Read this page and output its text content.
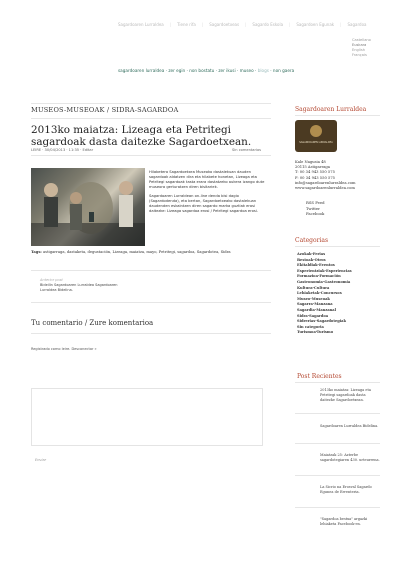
Sagardoaren Lurraldea | Tiene rifa | Sagardoetxeas | Sagardo Eskola | Sagardoen Egunak | Sagardoa
Castellano
Euskara
English
Français
sagardoaren lurraldea · zer egin · non bostatu · zer ikusi · museo · blogs · non gaera
MUSEOS-MUSEOAK / SIDRA-SAGARDOA
2013ko maiatza: Lizeaga eta Petritegi sagardoak dasta daitezke Sagardoetxean.
LEIRE · 30/04/2013 · 11:35 · Editar	Sin comentarios

Hilabetero Sagardoetxea Museoko dastalekuan dauden sagardoak aldatzen dira eta hilabete honetan, Lizeaga eta Petritegi sagardoak tasta erara dastatzeko aukera izango dute museora gerturatzen diren bisitariek.

Sagardoaren Lurraldean on-line denda bisi dagio (Sagardodenda), eta bertan, Sagardoetxeako dastalekuan daudenden eskaintzen diren sagardo marka guztiak erosi daitezke: Lizeaga sagardoa erosi / Petritegi sagardoa erosi.

Tags: astigarraga, dastaketa, degustación, Lizeaga, maiatza, mayo, Petritegi, sagardoa, Sagardotea, Sidra
Anterior post
Bideilin Sagardoaren Lurraldea Sagardoaren
Lurraldea Bidelina.
Tu comentario / Zure komentarioa
Registrado como leire. Desconectar »
Enviar
Sagardoaren Lurraldea
SAGARDOAREN LURRALDEA
Kale Nagusia 48
20115 Astigarraga
T: 00 34 943 550 575
F: 00 34 943 550 575
info@sagardoarenlurraldea.com
www.sagardoarenlurraldea.com
RSS Feed
Twitter
Facebook
Categorias
Azokak-Ferias
Bestoak-Otros
Ekitaldiak-Eventos
Esperientziak-Experiencias
Formazioa-Formación
Gastronomia-Gastronomía
Kultura-Cultura
Lehiaketak-Concursos
Museo-Museoak
Sagarra-Manzana
Sagardia-Manzanal
Sidra-Sagardoa
Sidrerias-Sagardotegiak
Sin categoria
Turismoa-Turismo
Post Recientes
2013ko maiatza: Lizeaga eta Petritegi sagardoak dasta daitezke Sagardoetxean.
Sagardoaren Lurraldea Bidelina.
Maiatzak 25: Azterbe sagardotegiaren 430. urteurrena.
La Sicrio na Erosval Sagardo Egunea de Errenteria.
"Sagardoa bestxa" argazki lehiaketa Facebook-en.
